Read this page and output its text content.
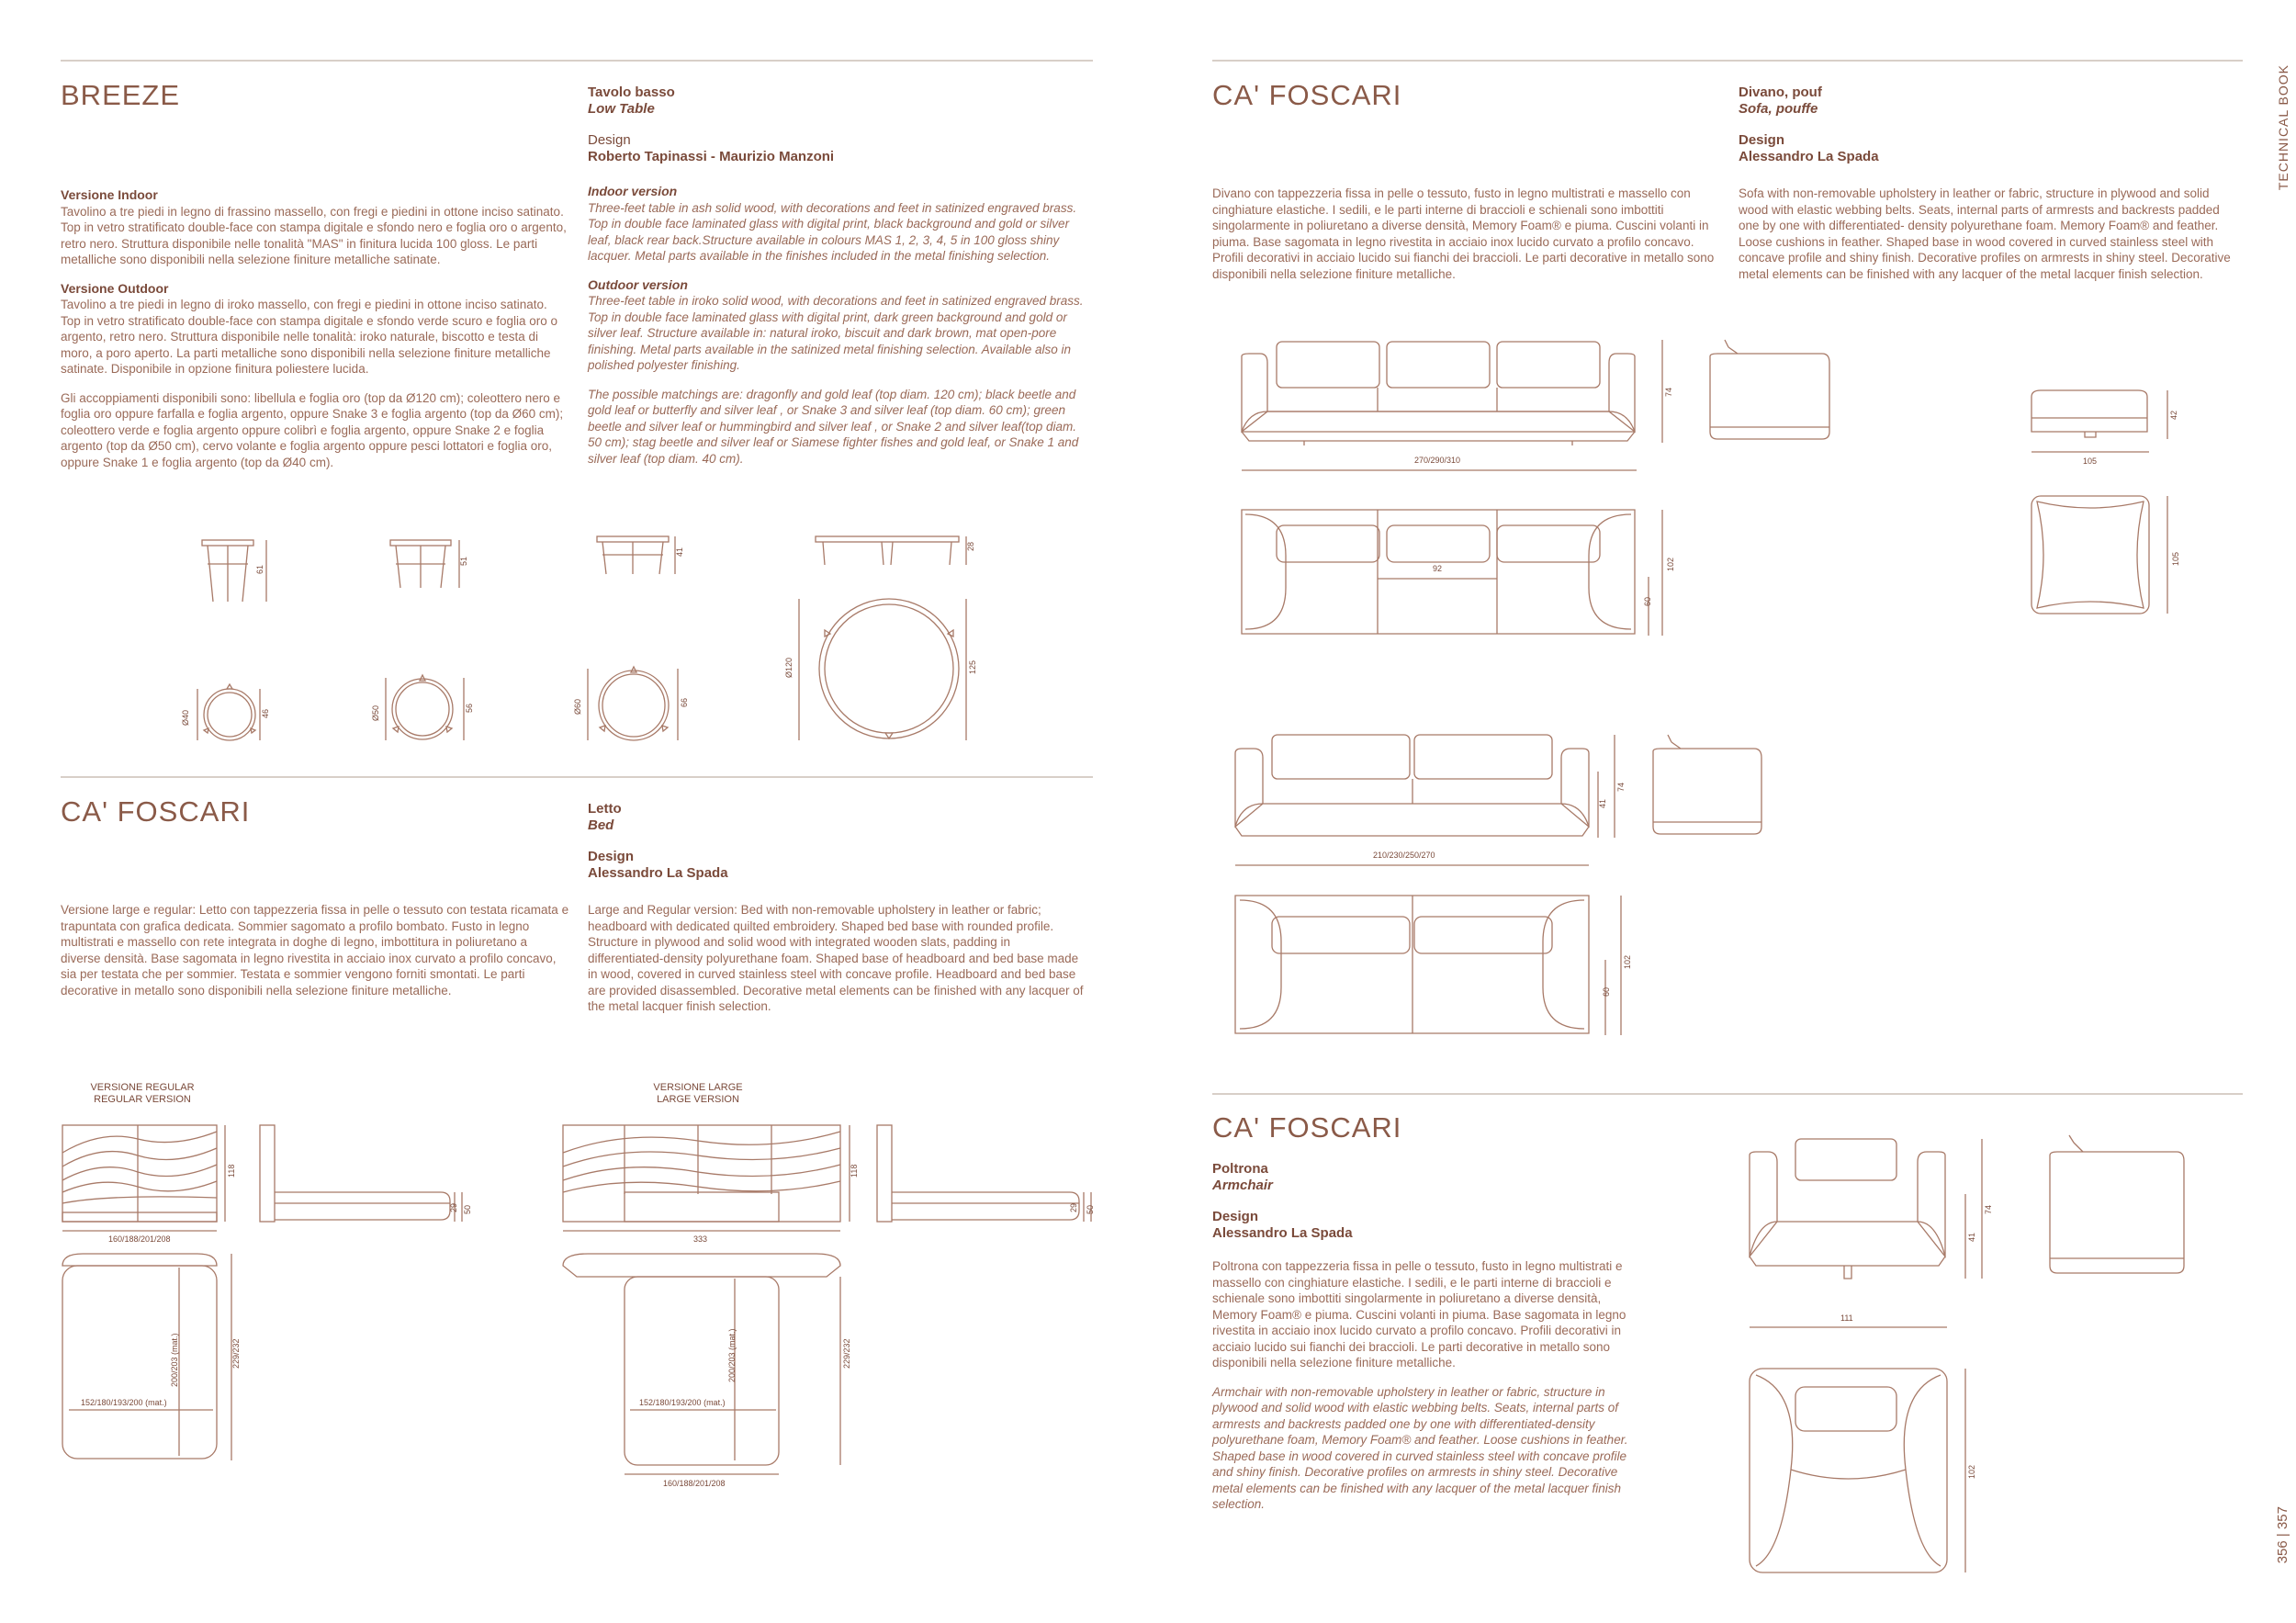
TECHNICAL BOOK
356 | 357
BREEZE	Tavolo basso
Low Table
Design
Roberto Tapinassi - Maurizio Manzoni

Versione Indoor
Tavolino a tre piedi in legno di frassino massello, con fregi e piedini in ottone inciso satinato. Top in vetro stratificato double-face con stampa digitale e sfondo nero e foglia oro o argento, retro nero. Struttura disponibile nelle tonalità "MAS" in finitura lucida 100 gloss. Le parti metalliche sono disponibili nella selezione finiture metalliche satinate.

Versione Outdoor
Tavolino a tre piedi in legno di iroko massello, con fregi e piedini in ottone inciso satinato. Top in vetro stratificato double-face con stampa digitale e sfondo verde scuro e foglia oro o argento, retro nero. Struttura disponibile nelle tonalità: iroko naturale, biscotto e testa di moro, a poro aperto. La parti metalliche sono disponibili nella selezione finiture metalliche satinate. Disponibile in opzione finitura poliestere lucida.

Gli accoppiamenti disponibili sono: libellula e foglia oro (top da Ø120 cm); coleottero nero e foglia oro oppure farfalla e foglia argento, oppure Snake 3 e foglia argento (top da Ø60 cm); coleottero verde e foglia argento oppure colibrì e foglia argento, oppure Snake 2 e foglia argento (top da Ø50 cm), cervo volante e foglia argento oppure pesci lottatori e foglia oro, oppure Snake 1 e foglia argento (top da Ø40 cm).

Indoor version
Three-feet table in ash solid wood, with decorations and feet in satinized engraved brass. Top in double face laminated glass with digital print, black background and gold or silver leaf, black rear back.Structure available in colours MAS 1, 2, 3, 4, 5 in 100 gloss shiny lacquer. Metal parts available in the finishes included in the metal finishing selection.

Outdoor version
Three-feet table in iroko solid wood, with decorations and feet in satinized engraved brass. Top in double face laminated glass with digital print, dark green background and gold or silver leaf. Structure available in: natural iroko, biscuit and dark brown, mat open-pore finishing. Metal parts available in the satinized metal finishing selection. Available also in polished polyester finishing.

The possible matchings are: dragonfly and gold leaf (top diam. 120 cm); black beetle and gold leaf or butterfly and silver leaf , or Snake 3 and silver leaf (top diam. 60 cm); green beetle and silver leaf or hummingbird and silver leaf , or Snake 2 and silver leaf(top diam. 50 cm); stag beetle and silver leaf or Siamese fighter fishes and gold leaf, or Snake 1 and silver leaf (top diam. 40 cm).

CA' FOSCARI	Letto
Bed
Design
Alessandro La Spada

Versione large e regular: Letto con tappezzeria fissa in pelle o tessuto con testata ricamata e trapuntata con grafica dedicata. Sommier sagomato a profilo bombato. Fusto in legno multistrati e massello con rete integrata in doghe di legno, imbottitura in poliuretano a diverse densità. Base sagomata in legno rivestita in acciaio inox curvato a profilo concavo, sia per testata che per sommier. Testata e sommier vengono forniti smontati. Le parti decorative in metallo sono disponibili nella selezione finiture metalliche.

Large and Regular version: Bed with non-removable upholstery in leather or fabric; headboard with dedicated quilted embroidery. Shaped bed base with rounded profile. Structure in plywood and solid wood with integrated wooden slats, padding in differentiated-density polyurethane foam. Shaped base of headboard and bed base made in wood, covered in curved stainless steel with concave profile. Headboard and bed base are provided disassembled. Decorative metal elements can be finished with any lacquer of the metal lacquer finish selection.

VERSIONE REGULAR
REGULAR VERSION
VERSIONE LARGE
LARGE VERSION
CA' FOSCARI	Divano, pouf
Sofa, pouffe
Design
Alessandro La Spada

Divano con tappezzeria fissa in pelle o tessuto, fusto in legno multistrati e massello con cinghiature elastiche. I sedili, e le parti interne di braccioli e schienali sono imbottiti singolarmente in poliuretano a diverse densità, Memory Foam® e piuma. Cuscini volanti in piuma. Base sagomata in legno rivestita in acciaio inox lucido curvato a profilo concavo. Profili decorativi in acciaio lucido sui fianchi dei braccioli. Le parti decorative in metallo sono disponibili nella selezione finiture metalliche.

Sofa with non-removable upholstery in leather or fabric, structure in plywood and solid wood with elastic webbing belts. Seats, internal parts of armrests and backrests padded one by one with differentiated- density polyurethane foam. Memory Foam® and feather. Loose cushions in feather. Shaped base in wood covered in curved stainless steel with concave profile and shiny finish. Decorative profiles on armrests in shiny steel. Decorative metal elements can be finished with any lacquer of the metal lacquer finish selection.

CA' FOSCARI
Poltrona
Armchair
Design
Alessandro La Spada

Poltrona con tappezzeria fissa in pelle o tessuto, fusto in legno multistrati e massello con cinghiature elastiche. I sedili, e le parti interne di braccioli e schienale sono imbottiti singolarmente in poliuretano a diverse densità, Memory Foam® e piuma. Cuscini volanti in piuma. Base sagomata in legno rivestita in acciaio inox lucido curvato a profilo concavo. Profili decorativi in acciaio lucido sui fianchi dei braccioli. Le parti decorative in metallo sono disponibili nella selezione finiture metalliche.

Armchair with non-removable upholstery in leather or fabric, structure in plywood and solid wood with elastic webbing belts. Seats, internal parts of armrests and backrests padded one by one with differentiated-density polyurethane foam, Memory Foam® and feather. Loose cushions in feather. Shaped base in wood covered in curved stainless steel with concave profile and shiny finish. Decorative profiles on armrests in shiny steel. Decorative metal elements can be finished with any lacquer of the metal lacquer finish selection.

61
51
41
28
Ø40	46	Ø50	56	Ø60	66
Ø120	125
118
160/188/201/208
29 50
200/203 (mat.)	229/232
152/180/193/200 (mat.)
118
333
29 50
200/203 (mat.)	229/232
152/180/193/200 (mat.)
160/188/201/208
74
270/290/310
92	102
60
42
105
105
41
74
210/230/250/270
102
60
41
74
111
102
